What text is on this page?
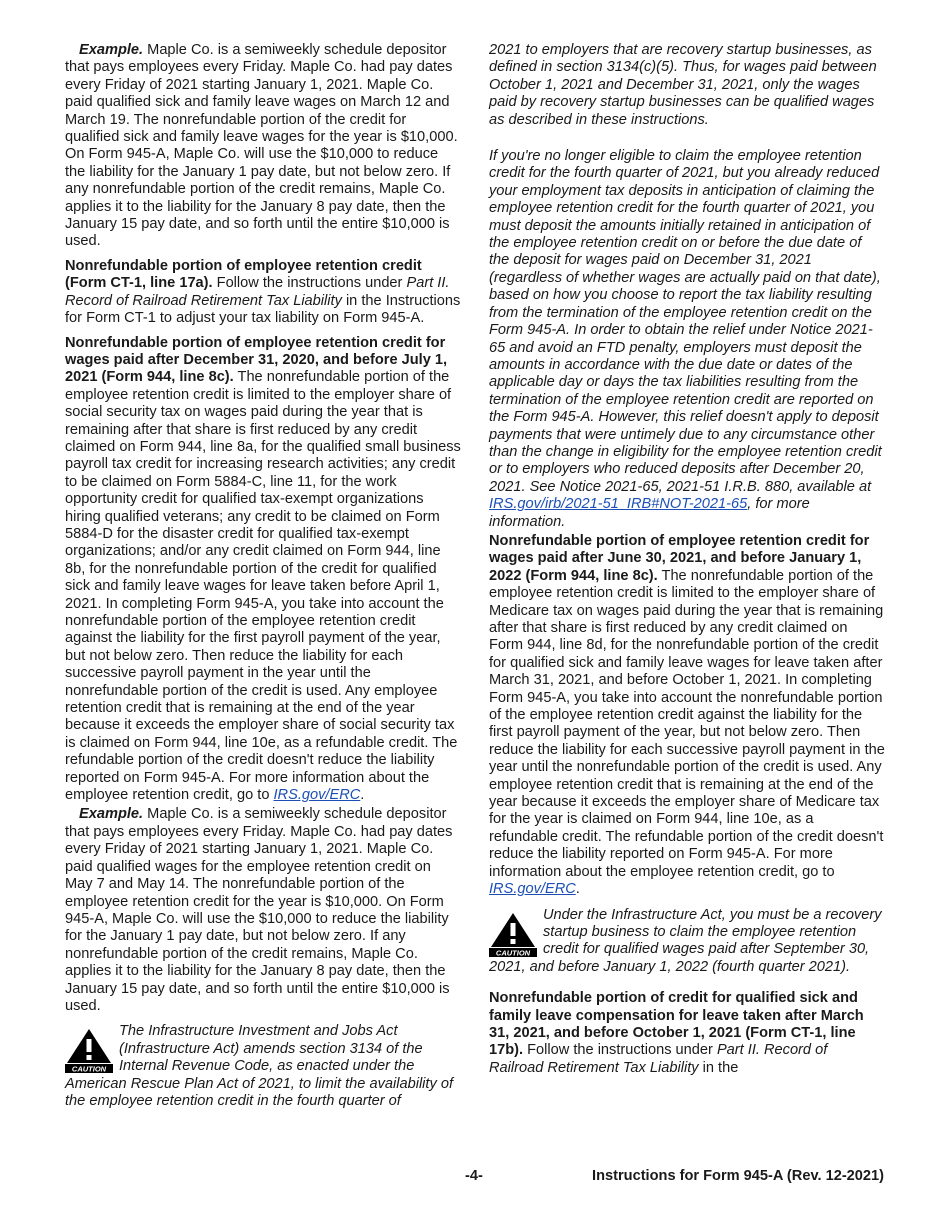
Example. Maple Co. is a semiweekly schedule depositor that pays employees every Friday. Maple Co. had pay dates every Friday of 2021 starting January 1, 2021. Maple Co. paid qualified sick and family leave wages on March 12 and March 19. The nonrefundable portion of the credit for qualified sick and family leave wages for the year is $10,000. On Form 945-A, Maple Co. will use the $10,000 to reduce the liability for the January 1 pay date, but not below zero. If any nonrefundable portion of the credit remains, Maple Co. applies it to the liability for the January 8 pay date, then the January 15 pay date, and so forth until the entire $10,000 is used.

Nonrefundable portion of employee retention credit (Form CT-1, line 17a). Follow the instructions under Part II. Record of Railroad Retirement Tax Liability in the Instructions for Form CT-1 to adjust your tax liability on Form 945-A.

Nonrefundable portion of employee retention credit for wages paid after December 31, 2020, and before July 1, 2021 (Form 944, line 8c). The nonrefundable portion of the employee retention credit is limited to the employer share of social security tax on wages paid during the year that is remaining after that share is first reduced by any credit claimed on Form 944, line 8a, for the qualified small business payroll tax credit for increasing research activities; any credit to be claimed on Form 5884-C, line 11, for the work opportunity credit for qualified tax-exempt organizations hiring qualified veterans; any credit to be claimed on Form 5884-D for the disaster credit for qualified tax-exempt organizations; and/or any credit claimed on Form 944, line 8b, for the nonrefundable portion of the credit for qualified sick and family leave wages for leave taken before April 1, 2021. In completing Form 945-A, you take into account the nonrefundable portion of the employee retention credit against the liability for the first payroll payment of the year, but not below zero. Then reduce the liability for each successive payroll payment in the year until the nonrefundable portion of the credit is used. Any employee retention credit that is remaining at the end of the year because it exceeds the employer share of social security tax is claimed on Form 944, line 10e, as a refundable credit. The refundable portion of the credit doesn't reduce the liability reported on Form 945-A. For more information about the employee retention credit, go to IRS.gov/ERC.

Example. Maple Co. is a semiweekly schedule depositor that pays employees every Friday. Maple Co. had pay dates every Friday of 2021 starting January 1, 2021. Maple Co. paid qualified wages for the employee retention credit on May 7 and May 14. The nonrefundable portion of the employee retention credit for the year is $10,000. On Form 945-A, Maple Co. will use the $10,000 to reduce the liability for the January 1 pay date, but not below zero. If any nonrefundable portion of the credit remains, Maple Co. applies it to the liability for the January 8 pay date, then the January 15 pay date, and so forth until the entire $10,000 is used.

CAUTION
The Infrastructure Investment and Jobs Act (Infrastructure Act) amends section 3134 of the Internal Revenue Code, as enacted under the American Rescue Plan Act of 2021, to limit the availability of the employee retention credit in the fourth quarter of

2021 to employers that are recovery startup businesses, as defined in section 3134(c)(5). Thus, for wages paid between October 1, 2021 and December 31, 2021, only the wages paid by recovery startup businesses can be qualified wages as described in these instructions.

If you're no longer eligible to claim the employee retention credit for the fourth quarter of 2021, but you already reduced your employment tax deposits in anticipation of claiming the employee retention credit for the fourth quarter of 2021, you must deposit the amounts initially retained in anticipation of the employee retention credit on or before the due date of the deposit for wages paid on December 31, 2021 (regardless of whether wages are actually paid on that date), based on how you choose to report the tax liability resulting from the termination of the employee retention credit on the Form 945-A. In order to obtain the relief under Notice 2021-65 and avoid an FTD penalty, employers must deposit the amounts in accordance with the due date or dates of the applicable day or days the tax liabilities resulting from the termination of the employee retention credit are reported on the Form 945-A. However, this relief doesn't apply to deposit payments that were untimely due to any circumstance other than the change in eligibility for the employee retention credit or to employers who reduced deposits after December 20, 2021. See Notice 2021-65, 2021-51 I.R.B. 880, available at IRS.gov/irb/2021-51_IRB#NOT-2021-65, for more information.

Nonrefundable portion of employee retention credit for wages paid after June 30, 2021, and before January 1, 2022 (Form 944, line 8c). The nonrefundable portion of the employee retention credit is limited to the employer share of Medicare tax on wages paid during the year that is remaining after that share is first reduced by any credit claimed on Form 944, line 8d, for the nonrefundable portion of the credit for qualified sick and family leave wages for leave taken after March 31, 2021, and before October 1, 2021. In completing Form 945-A, you take into account the nonrefundable portion of the employee retention credit against the liability for the first payroll payment of the year, but not below zero. Then reduce the liability for each successive payroll payment in the year until the nonrefundable portion of the credit is used. Any employee retention credit that is remaining at the end of the year because it exceeds the employer share of Medicare tax for the year is claimed on Form 944, line 10e, as a refundable credit. The refundable portion of the credit doesn't reduce the liability reported on Form 945-A. For more information about the employee retention credit, go to IRS.gov/ERC.

CAUTION
Under the Infrastructure Act, you must be a recovery startup business to claim the employee retention credit for qualified wages paid after September 30, 2021, and before January 1, 2022 (fourth quarter 2021).

Nonrefundable portion of credit for qualified sick and family leave compensation for leave taken after March 31, 2021, and before October 1, 2021 (Form CT-1, line 17b). Follow the instructions under Part II. Record of Railroad Retirement Tax Liability in the

-4-	Instructions for Form 945-A (Rev. 12-2021)
